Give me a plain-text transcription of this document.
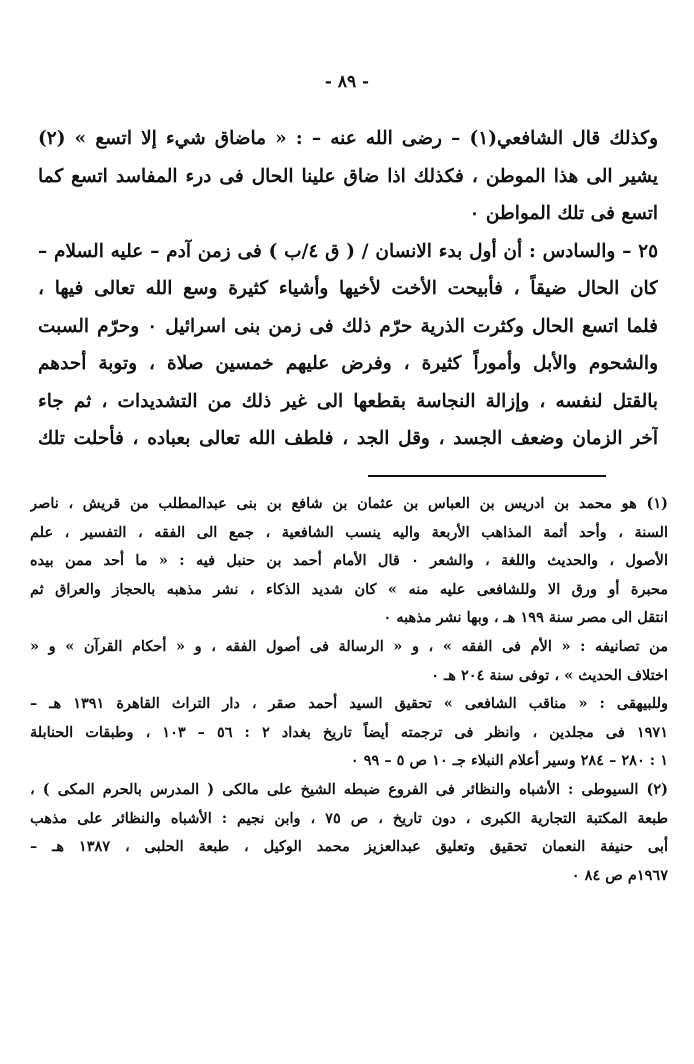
- ٨٩ -
وكذلك قال الشافعي(١) – رضى الله عنه – : « ماضاق شيء إلا اتسع » (٢)
يشير الى هذا الموطن ، فكذلك اذا ضاق علينا الحال فى درء المفاسد اتسع كما
اتسع فى تلك المواطن ٠
٢٥ – والسادس : أن أول بدء الانسان / ( ق ٤/ب ) فى زمن آدم – عليه السلام –
كان الحال ضيقاً ، فأبيحت الأخت لأخيها وأشياء كثيرة وسع الله تعالى فيها ،
فلما اتسع الحال وكثرت الذرية حرّم ذلك فى زمن بنى اسرائيل ٠ وحرّم السبت
والشحوم والأبل وأموراً كثيرة ، وفرض عليهم خمسين صلاة ، وتوبة أحدهم
بالقتل لنفسه ، وإزالة النجاسة بقطعها الى غير ذلك من التشديدات ، ثم جاء
آخر الزمان وضعف الجسد ، وقل الجد ، فلطف الله تعالى بعباده ، فأحلت تلك
(١) هو محمد بن ادريس بن العباس بن عثمان بن شافع بن بنى عبدالمطلب من قريش ، ناصر
السنة ، وأحد أئمة المذاهب الأربعة واليه ينسب الشافعية ، جمع الى الفقه ، التفسير ، علم
الأصول ، والحديث واللغة ، والشعر ٠ قال الأمام أحمد بن حنبل فيه : « ما أحد ممن بيده
محبرة أو ورق الا وللشافعى عليه منه » كان شديد الذكاء ، نشر مذهبه بالحجاز والعراق ثم
انتقل الى مصر سنة ١٩٩ هـ ، وبها نشر مذهبه ٠
من تصانيفه : « الأم فى الفقه » ، و « الرسالة فى أصول الفقه ، و « أحكام القرآن » و «
اختلاف الحديث » ، توفى سنة ٢٠٤ هـ ٠
وللبيهقى : « مناقب الشافعى » تحقيق السيد أحمد صقر ، دار التراث القاهرة ١٣٩١ هـ –
١٩٧١ فى مجلدين ، وانظر فى ترجمته أيضاً تاريخ بغداد ٢ : ٥٦ – ١٠٣ ، وطبقات الحنابلة
١ : ٢٨٠ – ٢٨٤ وسير أعلام النبلاء جـ ١٠ ص ٥ – ٩٩ ٠
(٢) السيوطى : الأشباه والنظائر فى الفروع ضبطه الشيخ على مالكى ( المدرس بالحرم المكى ) ،
طبعة المكتبة التجارية الكبرى ، دون تاريخ ، ص ٧٥ ، وابن نجيم : الأشباه والنظائر على مذهب
أبى حنيفة النعمان تحقيق وتعليق عبدالعزيز محمد الوكيل ، طبعة الحلبى ، ١٣٨٧ هـ –
١٩٦٧م ص ٨٤ ٠
